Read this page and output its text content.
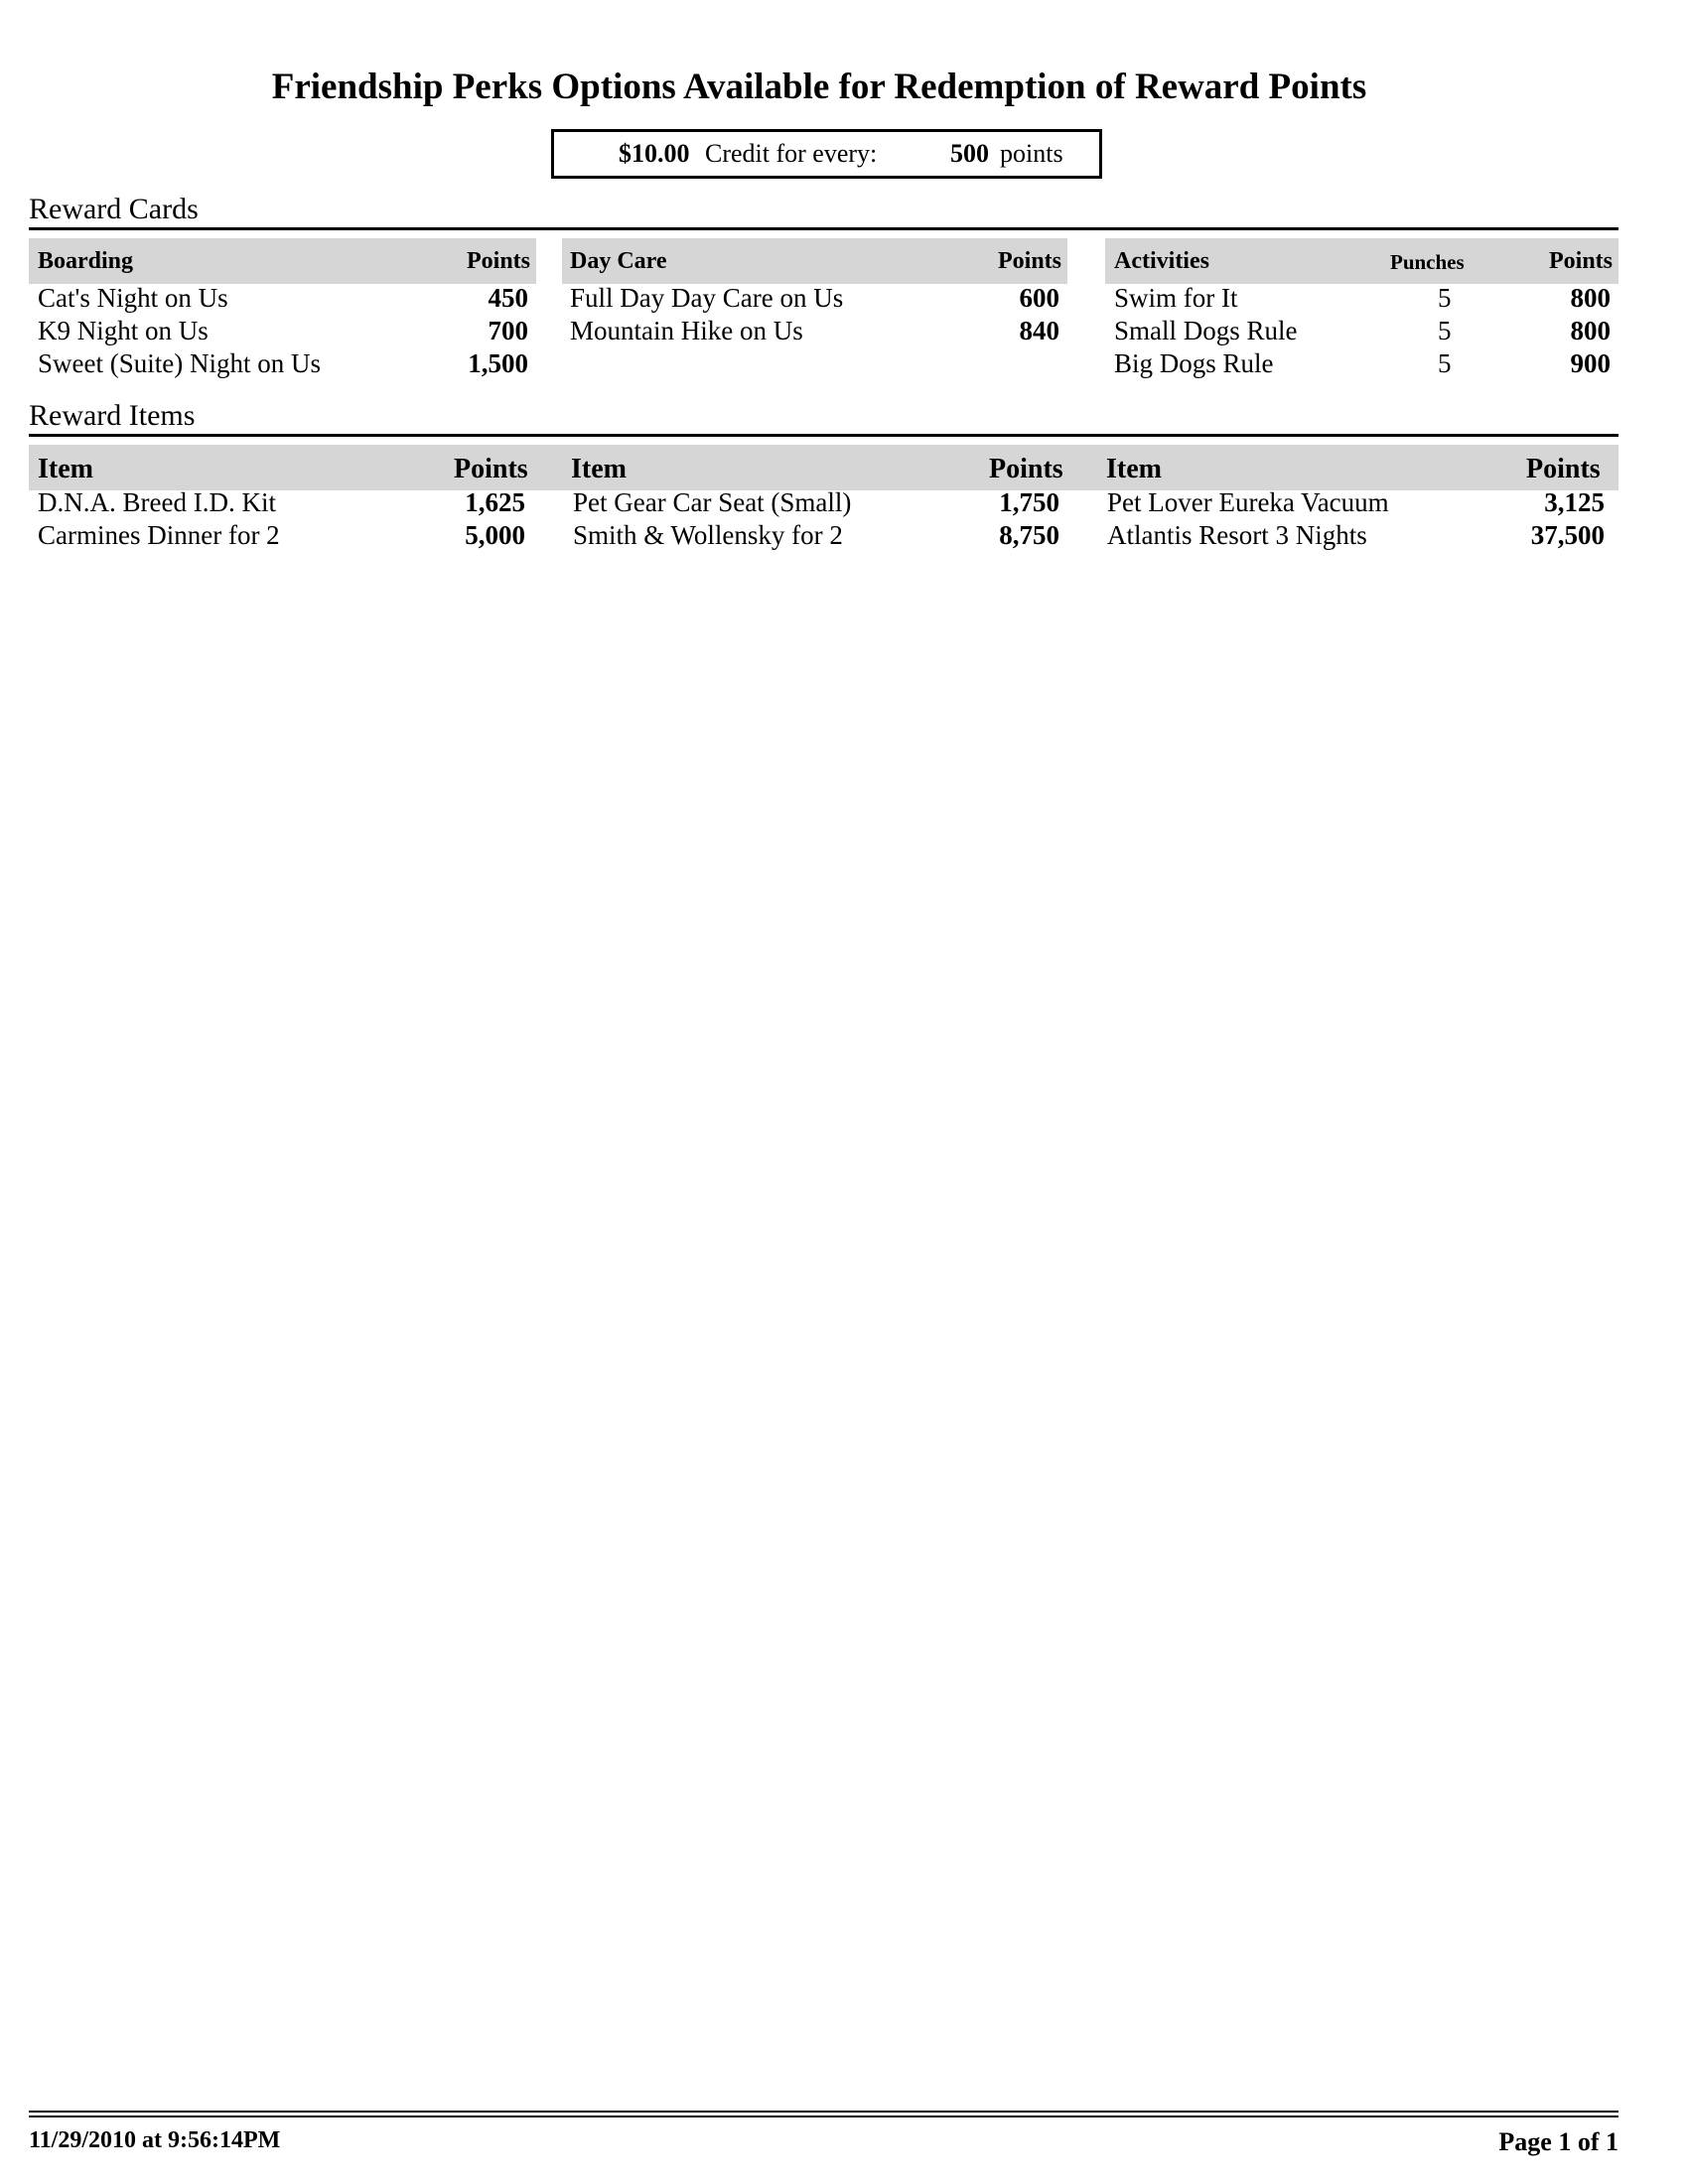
Friendship Perks Options Available for Redemption of Reward Points
$10.00 Credit for every:	500 points
Reward Cards
Boarding	Points
Cat's Night on Us	450
K9 Night on Us	700
Sweet (Suite) Night on Us	1,500
Day Care	Points
Full Day Day Care on Us	600
Mountain Hike on Us	840
Activities	Punches	Points
Swim for It	5	800
Small Dogs Rule	5	800
Big Dogs Rule	5	900
Reward Items
Item	Points Item	Points Item	Points
D.N.A. Breed I.D. Kit	1,625 Pet Gear Car Seat (Small)	1,750 Pet Lover Eureka Vacuum	3,125
Carmines Dinner for 2	5,000 Smith & Wollensky for 2	8,750 Atlantis Resort 3 Nights	37,500
11/29/2010 at 9:56:14PM	Page 1 of 1
